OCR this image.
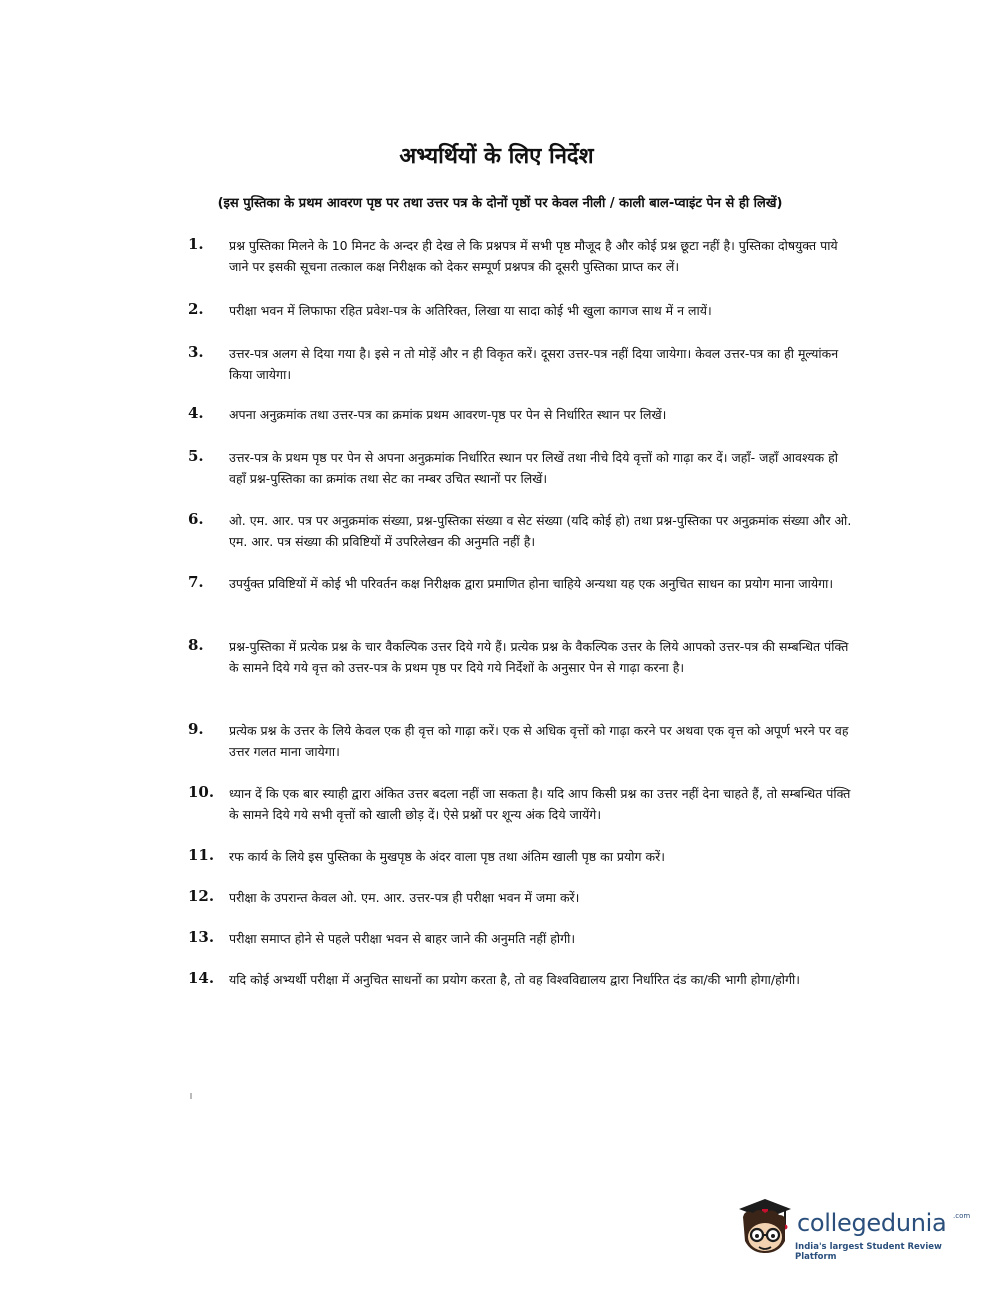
अभ्यर्थियों के लिए निर्देश
(इस पुस्तिका के प्रथम आवरण पृष्ठ पर तथा उत्तर पत्र के दोनों पृष्ठों पर केवल नीली / काली बाल-प्वाइंट पेन से ही लिखें)
1. प्रश्न पुस्तिका मिलने के 10 मिनट के अन्दर ही देख ले कि प्रश्नपत्र में सभी पृष्ठ मौजूद है और कोई प्रश्न छूटा नहीं है। पुस्तिका दोषयुक्त पाये जाने पर इसकी सूचना तत्काल कक्ष निरीक्षक को देकर सम्पूर्ण प्रश्नपत्र की दूसरी पुस्तिका प्राप्त कर लें।
2. परीक्षा भवन में लिफाफा रहित प्रवेश-पत्र के अतिरिक्त, लिखा या सादा कोई भी खुला कागज साथ में न लायें।
3. उत्तर-पत्र अलग से दिया गया है। इसे न तो मोड़ें और न ही विकृत करें। दूसरा उत्तर-पत्र नहीं दिया जायेगा। केवल उत्तर-पत्र का ही मूल्यांकन किया जायेगा।
4. अपना अनुक्रमांक तथा उत्तर-पत्र का क्रमांक प्रथम आवरण-पृष्ठ पर पेन से निर्धारित स्थान पर लिखें।
5. उत्तर-पत्र के प्रथम पृष्ठ पर पेन से अपना अनुक्रमांक निर्धारित स्थान पर लिखें तथा नीचे दिये वृत्तों को गाढ़ा कर दें। जहाँ- जहाँ आवश्यक हो वहाँ प्रश्न-पुस्तिका का क्रमांक तथा सेट का नम्बर उचित स्थानों पर लिखें।
6. ओ. एम. आर. पत्र पर अनुक्रमांक संख्या, प्रश्न-पुस्तिका संख्या व सेट संख्या (यदि कोई हो) तथा प्रश्न-पुस्तिका पर अनुक्रमांक संख्या और ओ. एम. आर. पत्र संख्या की प्रविष्टियों में उपरिलेखन की अनुमति नहीं है।
7. उपर्युक्त प्रविष्टियों में कोई भी परिवर्तन कक्ष निरीक्षक द्वारा प्रमाणित होना चाहिये अन्यथा यह एक अनुचित साधन का प्रयोग माना जायेगा।
8. प्रश्न-पुस्तिका में प्रत्येक प्रश्न के चार वैकल्पिक उत्तर दिये गये हैं। प्रत्येक प्रश्न के वैकल्पिक उत्तर के लिये आपको उत्तर-पत्र की सम्बन्धित पंक्ति के सामने दिये गये वृत्त को उत्तर-पत्र के प्रथम पृष्ठ पर दिये गये निर्देशों के अनुसार पेन से गाढ़ा करना है।
9. प्रत्येक प्रश्न के उत्तर के लिये केवल एक ही वृत्त को गाढ़ा करें। एक से अधिक वृत्तों को गाढ़ा करने पर अथवा एक वृत्त को अपूर्ण भरने पर वह उत्तर गलत माना जायेगा।
10. ध्यान दें कि एक बार स्याही द्वारा अंकित उत्तर बदला नहीं जा सकता है। यदि आप किसी प्रश्न का उत्तर नहीं देना चाहते हैं, तो सम्बन्धित पंक्ति के सामने दिये गये सभी वृत्तों को खाली छोड़ दें। ऐसे प्रश्नों पर शून्य अंक दिये जायेंगे।
11. रफ कार्य के लिये इस पुस्तिका के मुखपृष्ठ के अंदर वाला पृष्ठ तथा अंतिम खाली पृष्ठ का प्रयोग करें।
12. परीक्षा के उपरान्त केवल ओ. एम. आर. उत्तर-पत्र ही परीक्षा भवन में जमा करें।
13. परीक्षा समाप्त होने से पहले परीक्षा भवन से बाहर जाने की अनुमति नहीं होगी।
14. यदि कोई अभ्यर्थी परीक्षा में अनुचित साधनों का प्रयोग करता है, तो वह विश्वविद्यालय द्वारा निर्धारित दंड का/की भागी होगा/होगी।
collegedunia .com
India's largest Student Review Platform
